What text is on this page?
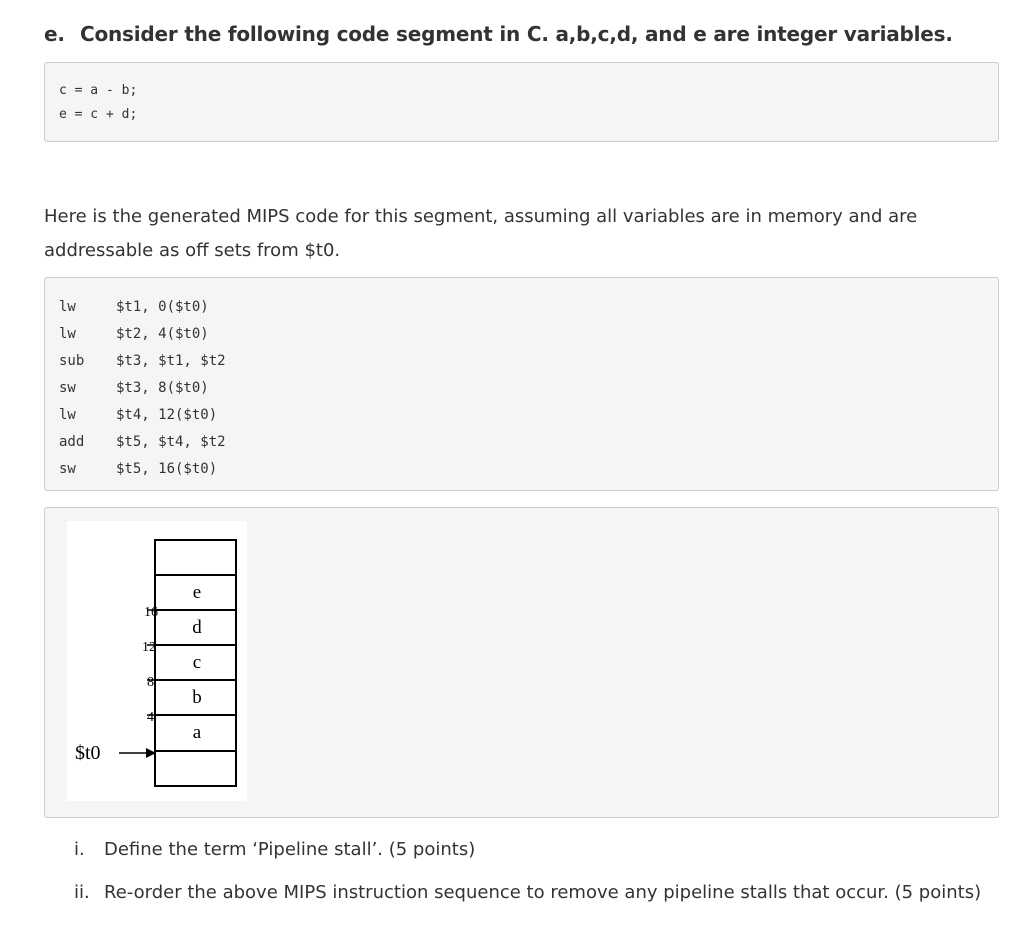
e. Consider the following code segment in C. a,b,c,d, and e are integer variables.
c = a - b;
e = c + d;
Here is the generated MIPS code for this segment, assuming all variables are in memory and are addressable as off sets from $t0.
lw	$t1, 0($t0)
lw	$t2, 4($t0)
sub	$t3, $t1, $t2
sw	$t3, 8($t0)
lw	$t4, 12($t0)
add	$t5, $t4, $t2
sw	$t5, 16($t0)
e
d
c
b
a
16
12
8
4
$t0
i. Define the term ‘Pipeline stall’. (5 points)
ii. Re-order the above MIPS instruction sequence to remove any pipeline stalls that occur. (5 points)
